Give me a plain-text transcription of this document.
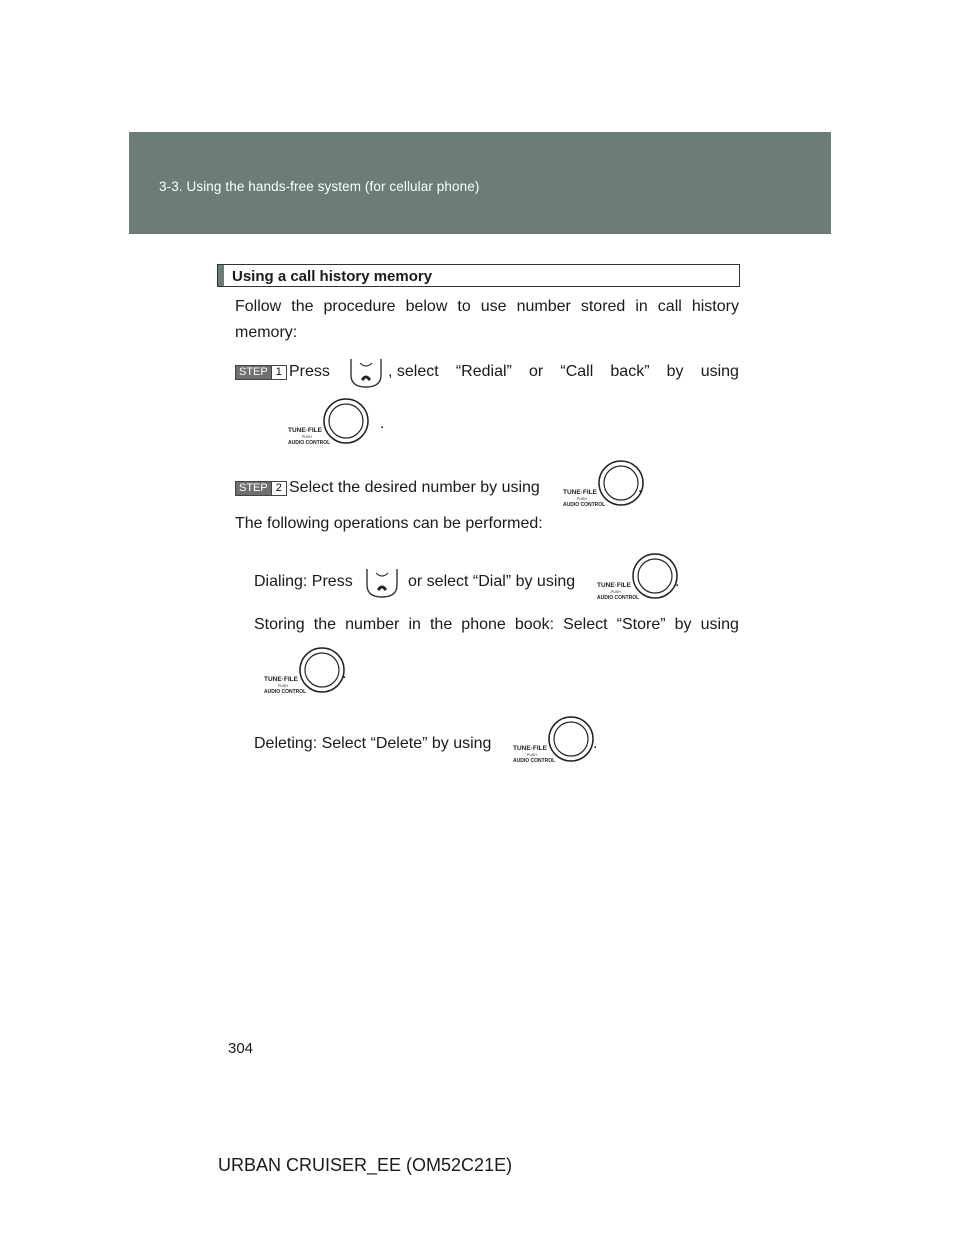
3-3. Using the hands-free system (for cellular phone)
Using a call history memory
Follow the procedure below to use number stored in call history
memory:
STEP 1 Press	, select “Redial” or “Call back” by using
TUNE·FILE
PUSH
AUDIO CONTROL
.
STEP 2 Select the desired number by using	TUNE·FILE
PUSH
AUDIO CONTROL
.
The following operations can be performed:
Dialing: Press	or select “Dial” by using	TUNE·FILE
PUSH
AUDIO CONTROL
.
Storing the number in the phone book: Select “Store” by using
TUNE·FILE
PUSH
AUDIO CONTROL
.
Deleting: Select “Delete” by using	TUNE·FILE
PUSH
AUDIO CONTROL
.
304
URBAN CRUISER_EE (OM52C21E)
